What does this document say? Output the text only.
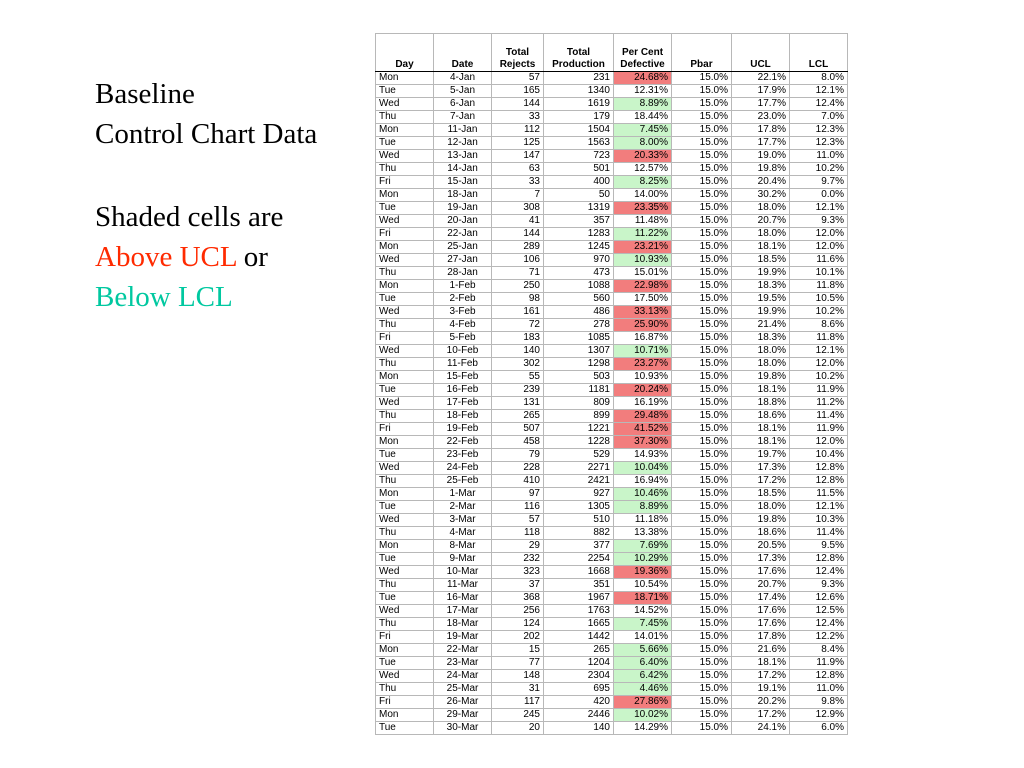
Baseline
Control Chart Data
Shaded cells are
Above UCL or
Below LCL
Day	Date	Total Rejects	Total Production	Per Cent Defective	Pbar	UCL	LCL
Mon	4-Jan	57	231	24.68%	15.0%	22.1%	8.0%
Tue	5-Jan	165	1340	12.31%	15.0%	17.9%	12.1%
Wed	6-Jan	144	1619	8.89%	15.0%	17.7%	12.4%
Thu	7-Jan	33	179	18.44%	15.0%	23.0%	7.0%
Mon	11-Jan	112	1504	7.45%	15.0%	17.8%	12.3%
Tue	12-Jan	125	1563	8.00%	15.0%	17.7%	12.3%
Wed	13-Jan	147	723	20.33%	15.0%	19.0%	11.0%
Thu	14-Jan	63	501	12.57%	15.0%	19.8%	10.2%
Fri	15-Jan	33	400	8.25%	15.0%	20.4%	9.7%
Mon	18-Jan	7	50	14.00%	15.0%	30.2%	0.0%
Tue	19-Jan	308	1319	23.35%	15.0%	18.0%	12.1%
Wed	20-Jan	41	357	11.48%	15.0%	20.7%	9.3%
Fri	22-Jan	144	1283	11.22%	15.0%	18.0%	12.0%
Mon	25-Jan	289	1245	23.21%	15.0%	18.1%	12.0%
Wed	27-Jan	106	970	10.93%	15.0%	18.5%	11.6%
Thu	28-Jan	71	473	15.01%	15.0%	19.9%	10.1%
Mon	1-Feb	250	1088	22.98%	15.0%	18.3%	11.8%
Tue	2-Feb	98	560	17.50%	15.0%	19.5%	10.5%
Wed	3-Feb	161	486	33.13%	15.0%	19.9%	10.2%
Thu	4-Feb	72	278	25.90%	15.0%	21.4%	8.6%
Fri	5-Feb	183	1085	16.87%	15.0%	18.3%	11.8%
Wed	10-Feb	140	1307	10.71%	15.0%	18.0%	12.1%
Thu	11-Feb	302	1298	23.27%	15.0%	18.0%	12.0%
Mon	15-Feb	55	503	10.93%	15.0%	19.8%	10.2%
Tue	16-Feb	239	1181	20.24%	15.0%	18.1%	11.9%
Wed	17-Feb	131	809	16.19%	15.0%	18.8%	11.2%
Thu	18-Feb	265	899	29.48%	15.0%	18.6%	11.4%
Fri	19-Feb	507	1221	41.52%	15.0%	18.1%	11.9%
Mon	22-Feb	458	1228	37.30%	15.0%	18.1%	12.0%
Tue	23-Feb	79	529	14.93%	15.0%	19.7%	10.4%
Wed	24-Feb	228	2271	10.04%	15.0%	17.3%	12.8%
Thu	25-Feb	410	2421	16.94%	15.0%	17.2%	12.8%
Mon	1-Mar	97	927	10.46%	15.0%	18.5%	11.5%
Tue	2-Mar	116	1305	8.89%	15.0%	18.0%	12.1%
Wed	3-Mar	57	510	11.18%	15.0%	19.8%	10.3%
Thu	4-Mar	118	882	13.38%	15.0%	18.6%	11.4%
Mon	8-Mar	29	377	7.69%	15.0%	20.5%	9.5%
Tue	9-Mar	232	2254	10.29%	15.0%	17.3%	12.8%
Wed	10-Mar	323	1668	19.36%	15.0%	17.6%	12.4%
Thu	11-Mar	37	351	10.54%	15.0%	20.7%	9.3%
Tue	16-Mar	368	1967	18.71%	15.0%	17.4%	12.6%
Wed	17-Mar	256	1763	14.52%	15.0%	17.6%	12.5%
Thu	18-Mar	124	1665	7.45%	15.0%	17.6%	12.4%
Fri	19-Mar	202	1442	14.01%	15.0%	17.8%	12.2%
Mon	22-Mar	15	265	5.66%	15.0%	21.6%	8.4%
Tue	23-Mar	77	1204	6.40%	15.0%	18.1%	11.9%
Wed	24-Mar	148	2304	6.42%	15.0%	17.2%	12.8%
Thu	25-Mar	31	695	4.46%	15.0%	19.1%	11.0%
Fri	26-Mar	117	420	27.86%	15.0%	20.2%	9.8%
Mon	29-Mar	245	2446	10.02%	15.0%	17.2%	12.9%
Tue	30-Mar	20	140	14.29%	15.0%	24.1%	6.0%
